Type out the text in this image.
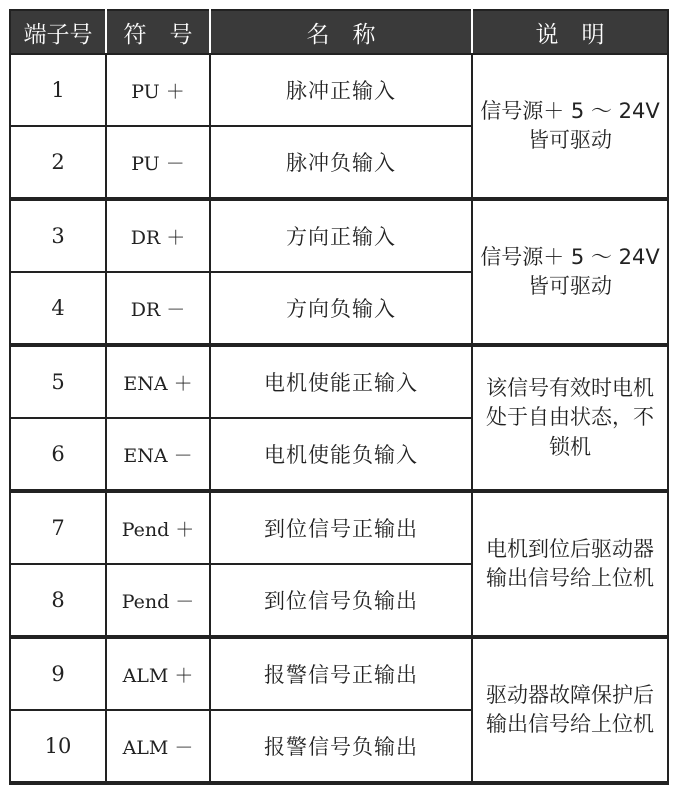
端子号	符　号	名　称	说　明
1	PU ＋	脉冲正输入	信号源＋ 5 ～ 24V 皆可驱动
2	PU －	脉冲负输入	
3	DR ＋	方向正输入	信号源＋ 5 ～ 24V 皆可驱动
4	DR －	方向负输入	
5	ENA ＋	电机使能正输入	该信号有效时电机处于自由状态，不锁机
6	ENA －	电机使能负输入	
7	Pend ＋	到位信号正输出	电机到位后驱动器输出信号给上位机
8	Pend －	到位信号负输出	
9	ALM ＋	报警信号正输出	驱动器故障保护后输出信号给上位机
10	ALM －	报警信号负输出	
